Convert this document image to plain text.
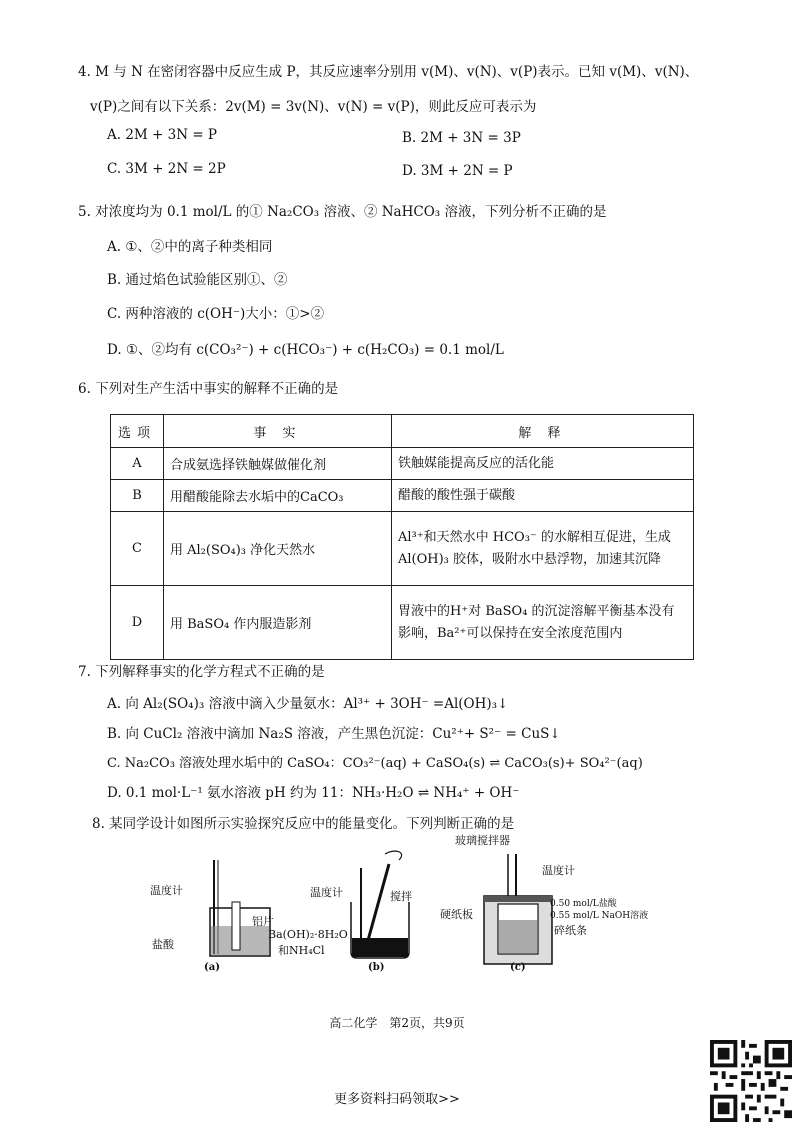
4. M 与 N 在密闭容器中反应生成 P，其反应速率分别用 v(M)、v(N)、v(P)表示。已知 v(M)、v(N)、
v(P)之间有以下关系：2v(M) = 3v(N)、v(N) = v(P)，则此反应可表示为
A. 2M + 3N = P	B. 2M + 3N = 3P
C. 3M + 2N = 2P	D. 3M + 2N = P
5. 对浓度均为 0.1 mol/L 的① Na₂CO₃ 溶液、② NaHCO₃ 溶液，下列分析不正确的是
A. ①、②中的离子种类相同
B. 通过焰色试验能区别①、②
C. 两种溶液的 c(OH⁻)大小：①>②
D. ①、②均有 c(CO₃²⁻) + c(HCO₃⁻) + c(H₂CO₃) = 0.1 mol/L
6. 下列对生产生活中事实的解释不正确的是
选项	事 实	解 释
A	合成氨选择铁触媒做催化剂	铁触媒能提高反应的活化能
B	用醋酸能除去水垢中的CaCO₃	醋酸的酸性强于碳酸
C	用 Al₂(SO₄)₃ 净化天然水	Al³⁺和天然水中 HCO₃⁻ 的水解相互促进，生成 Al(OH)₃ 胶体，吸附水中悬浮物，加速其沉降
D	用 BaSO₄ 作内服造影剂	胃液中的H⁺对 BaSO₄ 的沉淀溶解平衡基本没有影响，Ba²⁺可以保持在安全浓度范围内
7. 下列解释事实的化学方程式不正确的是
A. 向 Al₂(SO₄)₃ 溶液中滴入少量氨水：Al³⁺ + 3OH⁻ =Al(OH)₃↓
B. 向 CuCl₂ 溶液中滴加 Na₂S 溶液，产生黑色沉淀：Cu²⁺+ S²⁻ = CuS↓
C. Na₂CO₃ 溶液处理水垢中的 CaSO₄：CO₃²⁻(aq) + CaSO₄(s) ⇌ CaCO₃(s)+ SO₄²⁻(aq)
D. 0.1 mol·L⁻¹ 氨水溶液 pH 约为 11：NH₃·H₂O ⇌ NH₄⁺ + OH⁻
8. 某同学设计如图所示实验探究反应中的能量变化。下列判断正确的是
温度计
铝片
盐酸
(a)
温度计	搅拌
Ba(OH)₂·8H₂O
和NH₄Cl
(b)
玻璃搅拌器
温度计
硬纸板
0.50 mol/L盐酸
0.55 mol/L NaOH溶液
碎纸条
(c)
高二化学　第2页，共9页
更多资料扫码领取>>
